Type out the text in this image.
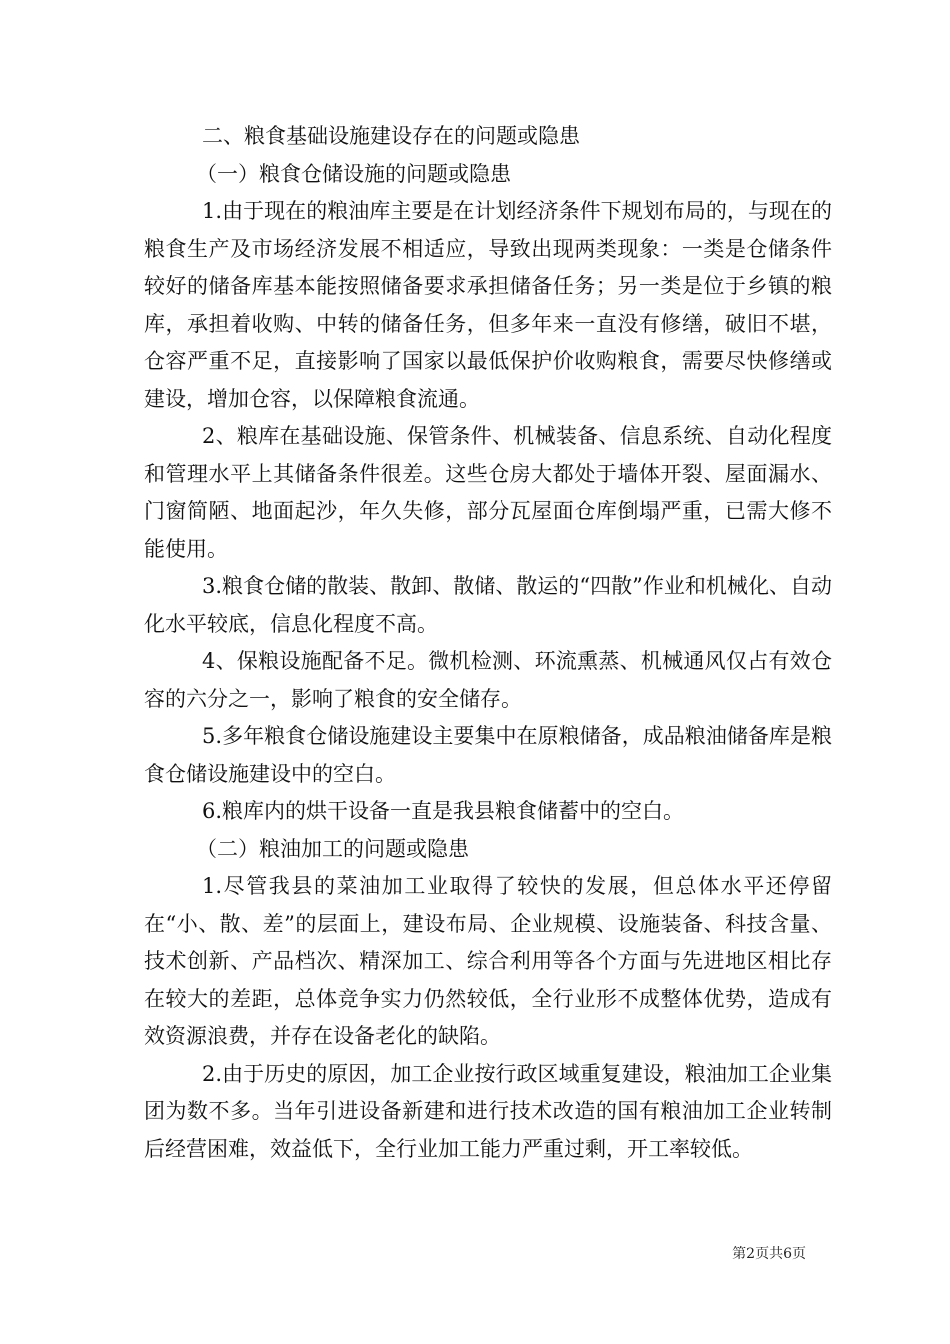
二、粮食基础设施建设存在的问题或隐患

（一）粮食仓储设施的问题或隐患

1.由于现在的粮油库主要是在计划经济条件下规划布局的，与现在的粮食生产及市场经济发展不相适应，导致出现两类现象：一类是仓储条件较好的储备库基本能按照储备要求承担储备任务；另一类是位于乡镇的粮库，承担着收购、中转的储备任务，但多年来一直没有修缮，破旧不堪，仓容严重不足，直接影响了国家以最低保护价收购粮食，需要尽快修缮或建设，增加仓容，以保障粮食流通。

2、粮库在基础设施、保管条件、机械装备、信息系统、自动化程度和管理水平上其储备条件很差。这些仓房大都处于墙体开裂、屋面漏水、门窗简陋、地面起沙，年久失修，部分瓦屋面仓库倒塌严重，已需大修不能使用。

3.粮食仓储的散装、散卸、散储、散运的“四散”作业和机械化、自动化水平较底，信息化程度不高。

4、保粮设施配备不足。微机检测、环流熏蒸、机械通风仅占有效仓容的六分之一，影响了粮食的安全储存。

5.多年粮食仓储设施建设主要集中在原粮储备，成品粮油储备库是粮食仓储设施建设中的空白。

6.粮库内的烘干设备一直是我县粮食储蓄中的空白。

（二）粮油加工的问题或隐患

1.尽管我县的菜油加工业取得了较快的发展，但总体水平还停留在“小、散、差”的层面上，建设布局、企业规模、设施装备、科技含量、技术创新、产品档次、精深加工、综合利用等各个方面与先进地区相比存在较大的差距，总体竞争实力仍然较低，全行业形不成整体优势，造成有效资源浪费，并存在设备老化的缺陷。

2.由于历史的原因，加工企业按行政区域重复建设，粮油加工企业集团为数不多。当年引进设备新建和进行技术改造的国有粮油加工企业转制后经营困难，效益低下，全行业加工能力严重过剩，开工率较低。

第2页共6页
